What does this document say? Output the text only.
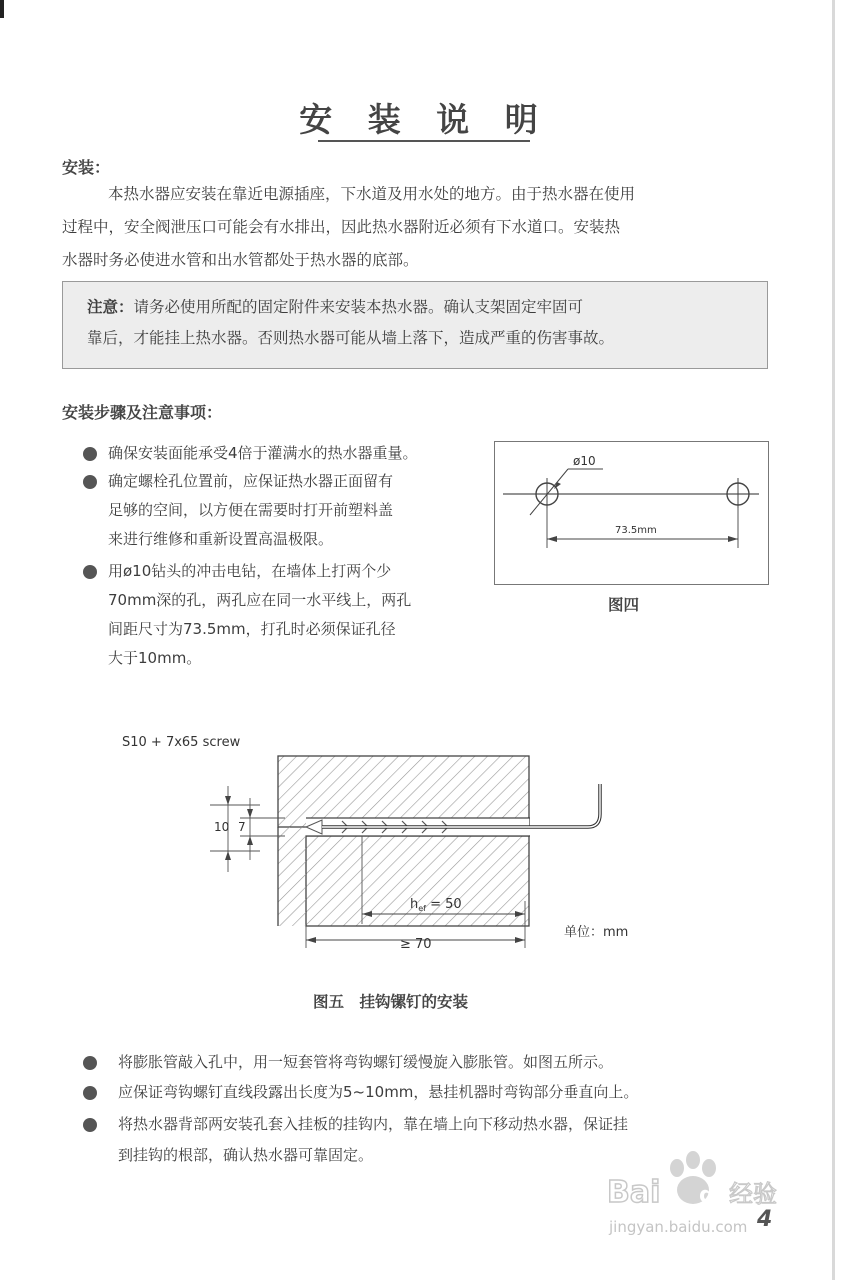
安 装 说 明
安装：
本热水器应安装在靠近电源插座，下水道及用水处的地方。由于热水器在使用
过程中，安全阀泄压口可能会有水排出，因此热水器附近必须有下水道口。安装热
水器时务必使进水管和出水管都处于热水器的底部。
注意：请务必使用所配的固定附件来安装本热水器。确认支架固定牢固可
靠后，才能挂上热水器。否则热水器可能从墙上落下，造成严重的伤害事故。
安装步骤及注意事项：
确保安装面能承受4倍于灌满水的热水器重量。
确定螺栓孔位置前，应保证热水器正面留有
足够的空间，以方便在需要时打开前塑料盖
来进行维修和重新设置高温极限。
用ø10钻头的冲击电钻，在墙体上打两个少
70mm深的孔，两孔应在同一水平线上，两孔
间距尺寸为73.5mm，打孔时必须保证孔径
大于10mm。
ø10
73.5mm
图四
S10 + 7x65 screw
10 7
$h_{ef} = 50$
≥ 70
单位：mm
图五　挂钩镙钉的安装
将膨胀管敲入孔中，用一短套管将弯钩螺钉缓慢旋入膨胀管。如图五所示。
应保证弯钩螺钉直线段露出长度为5~10mm，悬挂机器时弯钩部分垂直向上。
将热水器背部两安装孔套入挂板的挂钩内，靠在墙上向下移动热水器，保证挂
到挂钩的根部，确认热水器可靠固定。
Bai du
经验
jingyan.baidu.com 4
